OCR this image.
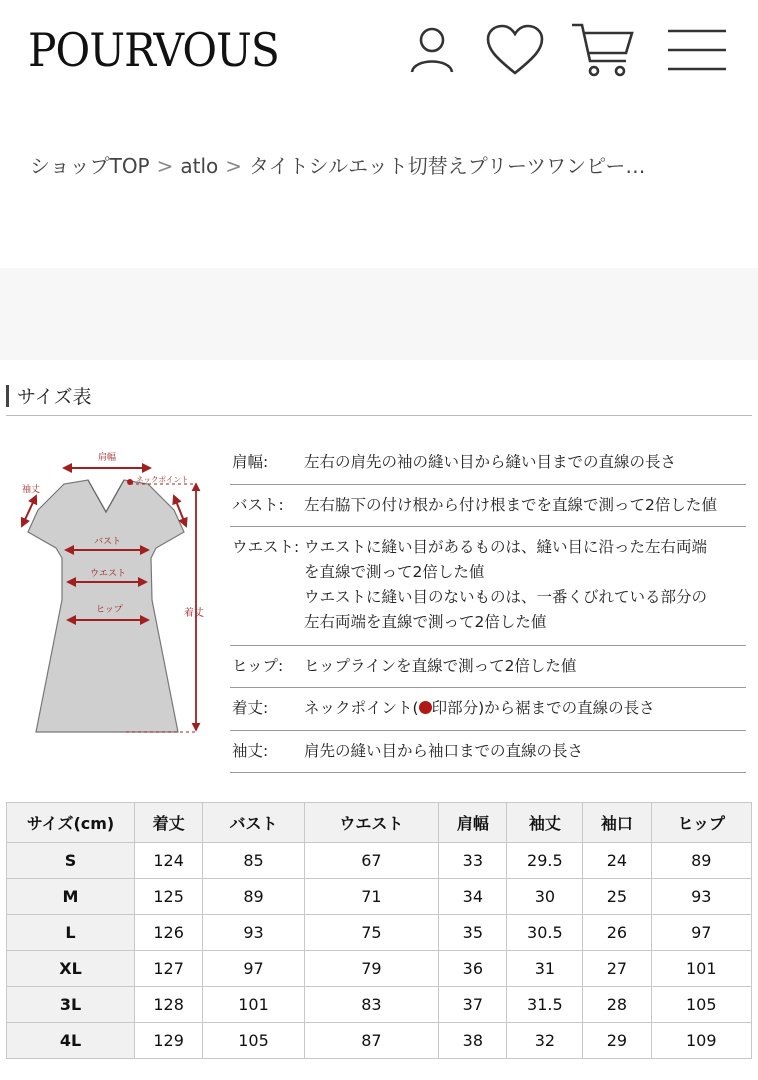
POURVOUS
ショップTOP > atlo > タイトシルエット切替えプリーツワンピー…
サイズ表
肩幅
ネックポイント
袖丈
バスト
ウエスト
ヒップ	着丈
肩幅:	左右の肩先の袖の縫い目から縫い目までの直線の長さ
バスト:	左右脇下の付け根から付け根までを直線で測って2倍した値
ウエスト: ウエストに縫い目があるものは、縫い目に沿った左右両端
を直線で測って2倍した値
ウエストに縫い目のないものは、一番くびれている部分の
左右両端を直線で測って2倍した値
ヒップ:	ヒップラインを直線で測って2倍した値
着丈:	ネックポイント( 印部分)から裾までの直線の長さ
袖丈:	肩先の縫い目から袖口までの直線の長さ
サイズ(cm)	着丈	バスト	ウエスト	肩幅	袖丈	袖口	ヒップ
S	124	85	67	33	29.5	24	89
M	125	89	71	34	30	25	93
L	126	93	75	35	30.5	26	97
XL	127	97	79	36	31	27	101
3L	128	101	83	37	31.5	28	105
4L	129	105	87	38	32	29	109
